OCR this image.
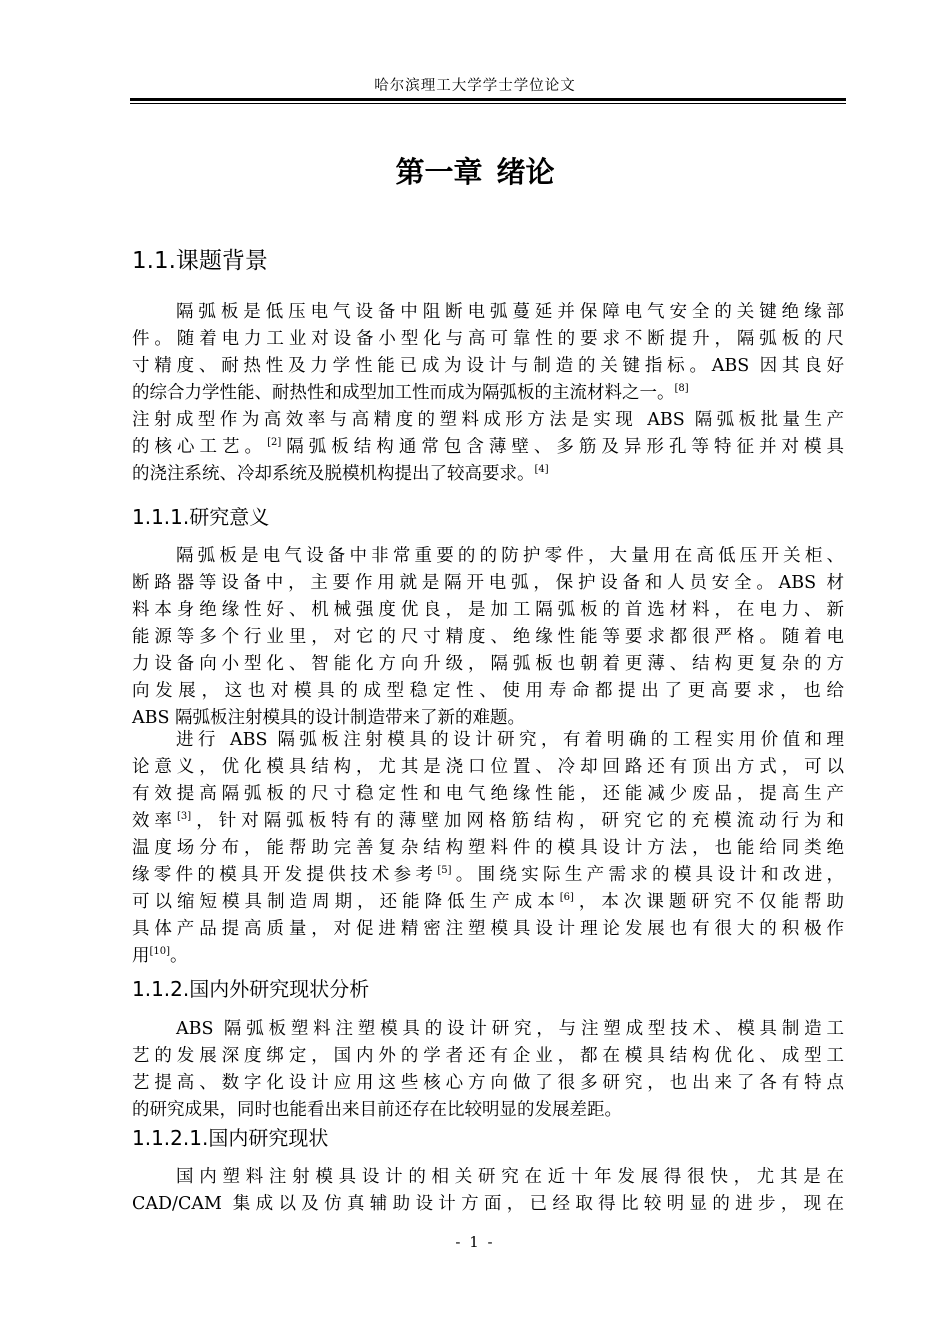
哈尔滨理工大学学士学位论文
第一章 绪论
1.1.课题背景
隔弧板是低压电气设备中阻断电弧蔓延并保障电气安全的关键绝缘部
件。随着电力工业对设备小型化与高可靠性的要求不断提升，隔弧板的尺
寸精度、耐热性及力学性能已成为设计与制造的关键指标。ABS 因其良好
的综合力学性能、耐热性和成型加工性而成为隔弧板的主流材料之一。[8]
注射成型作为高效率与高精度的塑料成形方法是实现 ABS 隔弧板批量生产
的核心工艺。[2]隔弧板结构通常包含薄壁、多筋及异形孔等特征并对模具
的浇注系统、冷却系统及脱模机构提出了较高要求。[4]
1.1.1.研究意义
隔弧板是电气设备中非常重要的的防护零件，大量用在高低压开关柜、
断路器等设备中，主要作用就是隔开电弧，保护设备和人员安全。ABS 材
料本身绝缘性好、机械强度优良，是加工隔弧板的首选材料，在电力、新
能源等多个行业里，对它的尺寸精度、绝缘性能等要求都很严格。随着电
力设备向小型化、智能化方向升级，隔弧板也朝着更薄、结构更复杂的方
向发展，这也对模具的成型稳定性、使用寿命都提出了更高要求，也给
ABS 隔弧板注射模具的设计制造带来了新的难题。
进行 ABS 隔弧板注射模具的设计研究，有着明确的工程实用价值和理
论意义，优化模具结构，尤其是浇口位置、冷却回路还有顶出方式，可以
有效提高隔弧板的尺寸稳定性和电气绝缘性能，还能减少废品，提高生产
效率[3]，针对隔弧板特有的薄壁加网格筋结构，研究它的充模流动行为和
温度场分布，能帮助完善复杂结构塑料件的模具设计方法，也能给同类绝
缘零件的模具开发提供技术参考[5]。围绕实际生产需求的模具设计和改进，
可以缩短模具制造周期，还能降低生产成本[6]，本次课题研究不仅能帮助
具体产品提高质量，对促进精密注塑模具设计理论发展也有很大的积极作
用[10]。
1.1.2.国内外研究现状分析
ABS 隔弧板塑料注塑模具的设计研究，与注塑成型技术、模具制造工
艺的发展深度绑定，国内外的学者还有企业，都在模具结构优化、成型工
艺提高、数字化设计应用这些核心方向做了很多研究，也出来了各有特点
的研究成果，同时也能看出来目前还存在比较明显的发展差距。
1.1.2.1.国内研究现状
国内塑料注射模具设计的相关研究在近十年发展得很快，尤其是在
CAD/CAM 集成以及仿真辅助设计方面，已经取得比较明显的进步，现在
- 1 -
